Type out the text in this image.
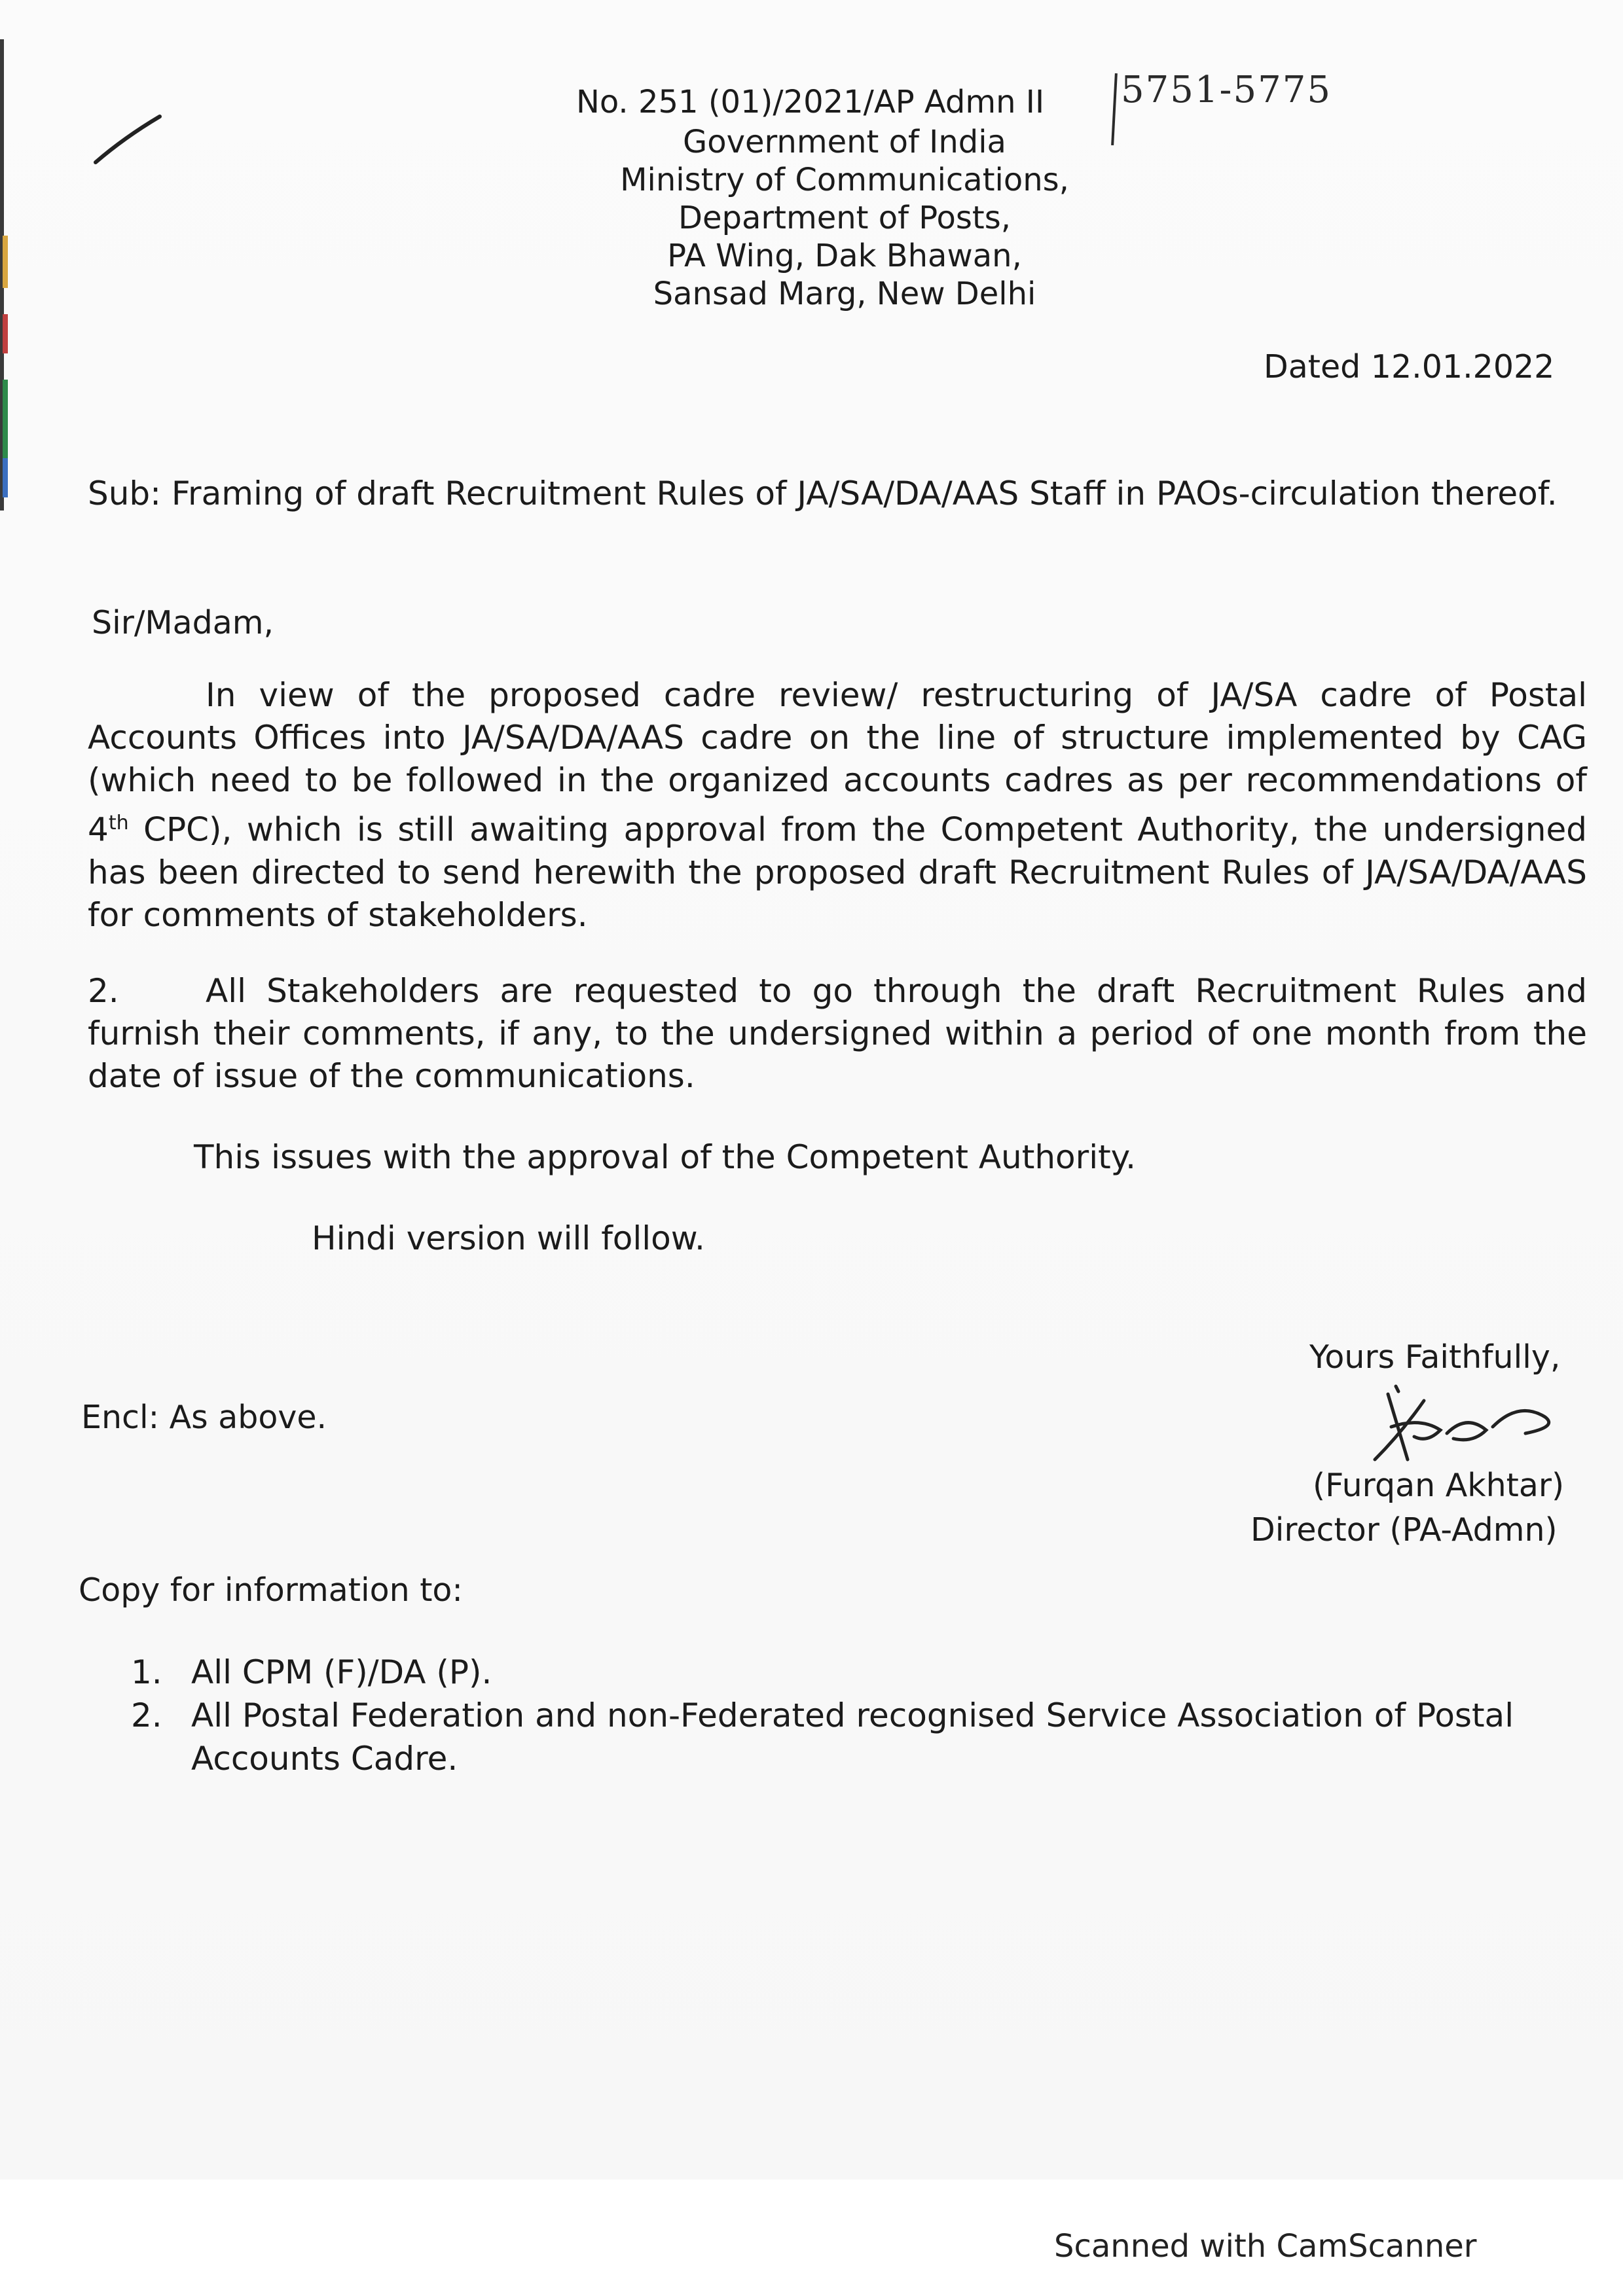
No. 251 (01)/2021/AP Admn II 5751-5775
Government of India
Ministry of Communications,
Department of Posts,
PA Wing, Dak Bhawan,
Sansad Marg, New Delhi
Dated 12.01.2022
Sub: Framing of draft Recruitment Rules of JA/SA/DA/AAS Staff in PAOs-circulation thereof.
Sir/Madam,
In view of the proposed cadre review/ restructuring of JA/SA cadre of Postal Accounts Offices into JA/SA/DA/AAS cadre on the line of structure implemented by CAG (which need to be followed in the organized accounts cadres as per recommendations of 4th CPC), which is still awaiting approval from the Competent Authority, the undersigned has been directed to send herewith the proposed draft Recruitment Rules of JA/SA/DA/AAS for comments of stakeholders.
2.	All Stakeholders are requested to go through the draft Recruitment Rules and furnish their comments, if any, to the undersigned within a period of one month from the date of issue of the communications.
This issues with the approval of the Competent Authority.
Hindi version will follow.
Yours Faithfully,
Encl: As above.
(Furqan Akhtar)
Director (PA-Admn)
Copy for information to:
1. All CPM (F)/DA (P).
2. All Postal Federation and non-Federated recognised Service Association of Postal Accounts Cadre.
Scanned with CamScanner
